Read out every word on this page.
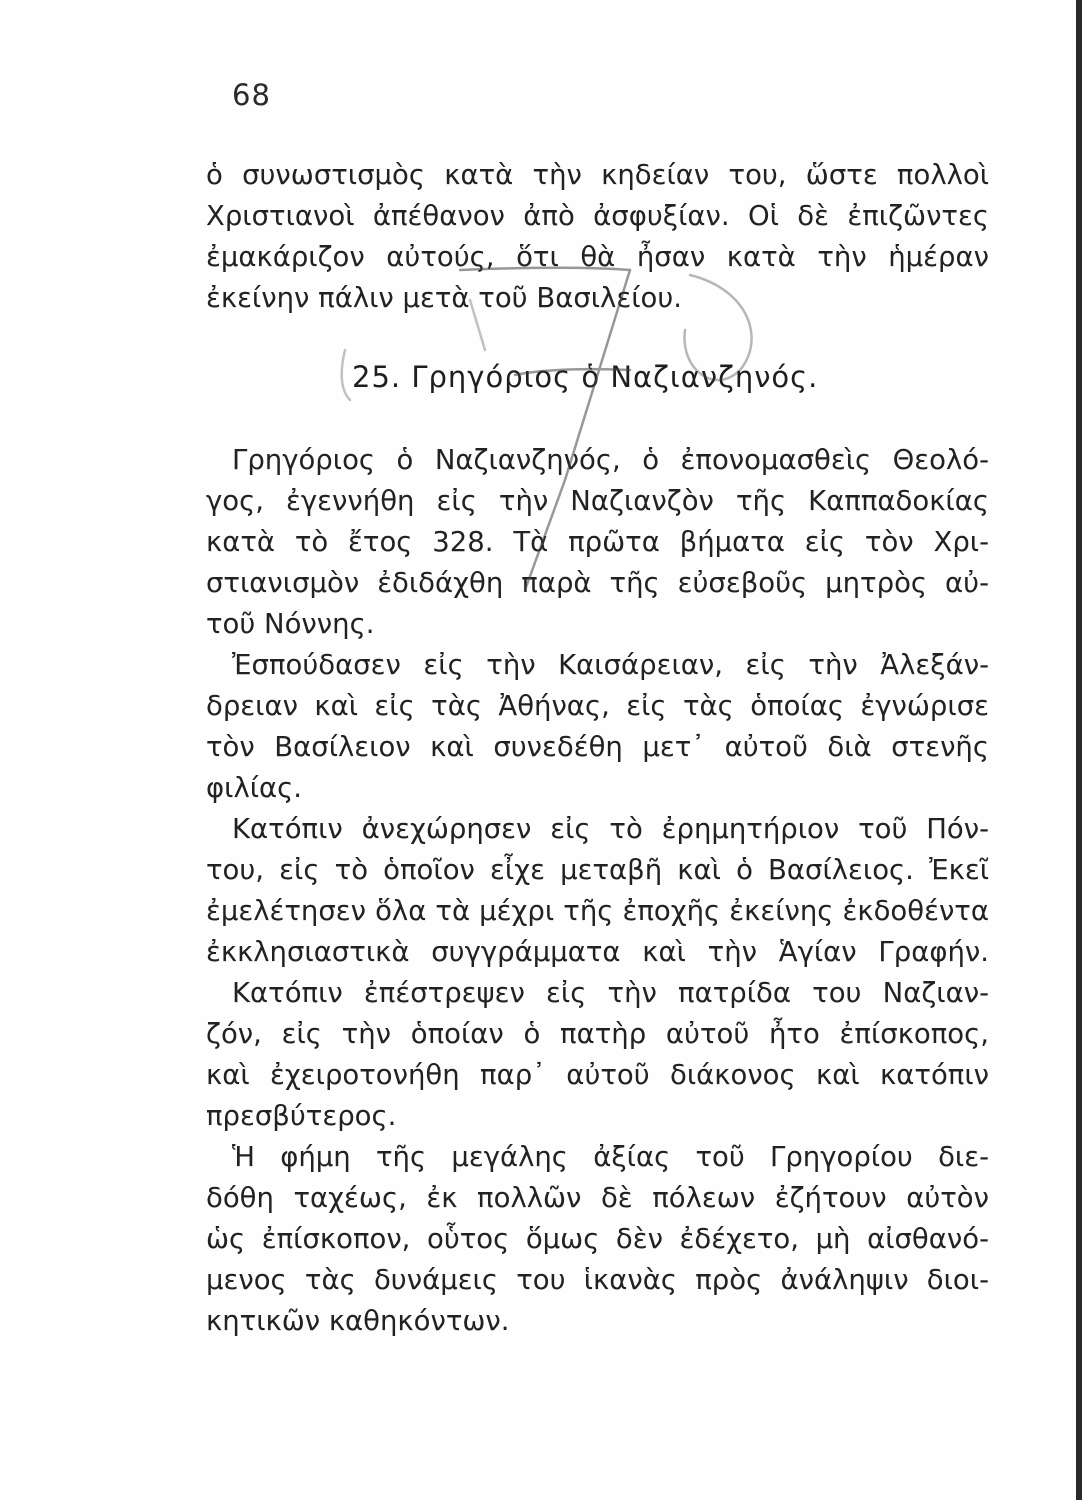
68
ὁ συνωστισμὸς κατὰ τὴν κηδείαν του, ὥστε πολλοὶ
Χριστιανοὶ ἀπέθανον ἀπὸ ἀσφυξίαν. Οἱ δὲ ἐπιζῶντες
ἐμακάριζον αὐτούς, ὅτι θὰ ἦσαν κατὰ τὴν ἡμέραν
ἐκείνην πάλιν μετὰ τοῦ Βασιλείου.
25. Γρηγόριος ὁ Ναζιανζηνός.
Γρηγόριος ὁ Ναζιανζηνός, ὁ ἐπονομασθεὶς Θεολό-
γος, ἐγεννήθη εἰς τὴν Ναζιανζὸν τῆς Καππαδοκίας
κατὰ τὸ ἔτος 328. Τὰ πρῶτα βήματα εἰς τὸν Χρι-
στιανισμὸν ἐδιδάχθη παρὰ τῆς εὐσεβοῦς μητρὸς αὐ-
τοῦ Νόννης.
Ἐσπούδασεν εἰς τὴν Καισάρειαν, εἰς τὴν Ἀλεξάν-
δρειαν καὶ εἰς τὰς Ἀθήνας, εἰς τὰς ὁποίας ἐγνώρισε
τὸν Βασίλειον καὶ συνεδέθη μετ᾿ αὐτοῦ διὰ στενῆς
φιλίας.
Κατόπιν ἀνεχώρησεν εἰς τὸ ἐρημητήριον τοῦ Πόν-
του, εἰς τὸ ὁποῖον εἶχε μεταβῆ καὶ ὁ Βασίλειος. Ἐκεῖ
ἐμελέτησεν ὅλα τὰ μέχρι τῆς ἐποχῆς ἐκείνης ἐκδοθέντα
ἐκκλησιαστικὰ συγγράμματα καὶ τὴν Ἁγίαν Γραφήν.
Κατόπιν ἐπέστρεψεν εἰς τὴν πατρίδα του Ναζιαν-
ζόν, εἰς τὴν ὁποίαν ὁ πατὴρ αὐτοῦ ἦτο ἐπίσκοπος,
καὶ ἐχειροτονήθη παρ᾿ αὐτοῦ διάκονος καὶ κατόπιν
πρεσβύτερος.
Ἡ φήμη τῆς μεγάλης ἀξίας τοῦ Γρηγορίου διε-
δόθη ταχέως, ἐκ πολλῶν δὲ πόλεων ἐζήτουν αὐτὸν
ὡς ἐπίσκοπον, οὗτος ὅμως δὲν ἐδέχετο, μὴ αἰσθανό-
μενος τὰς δυνάμεις του ἱκανὰς πρὸς ἀνάληψιν διοι-
κητικῶν καθηκόντων.
